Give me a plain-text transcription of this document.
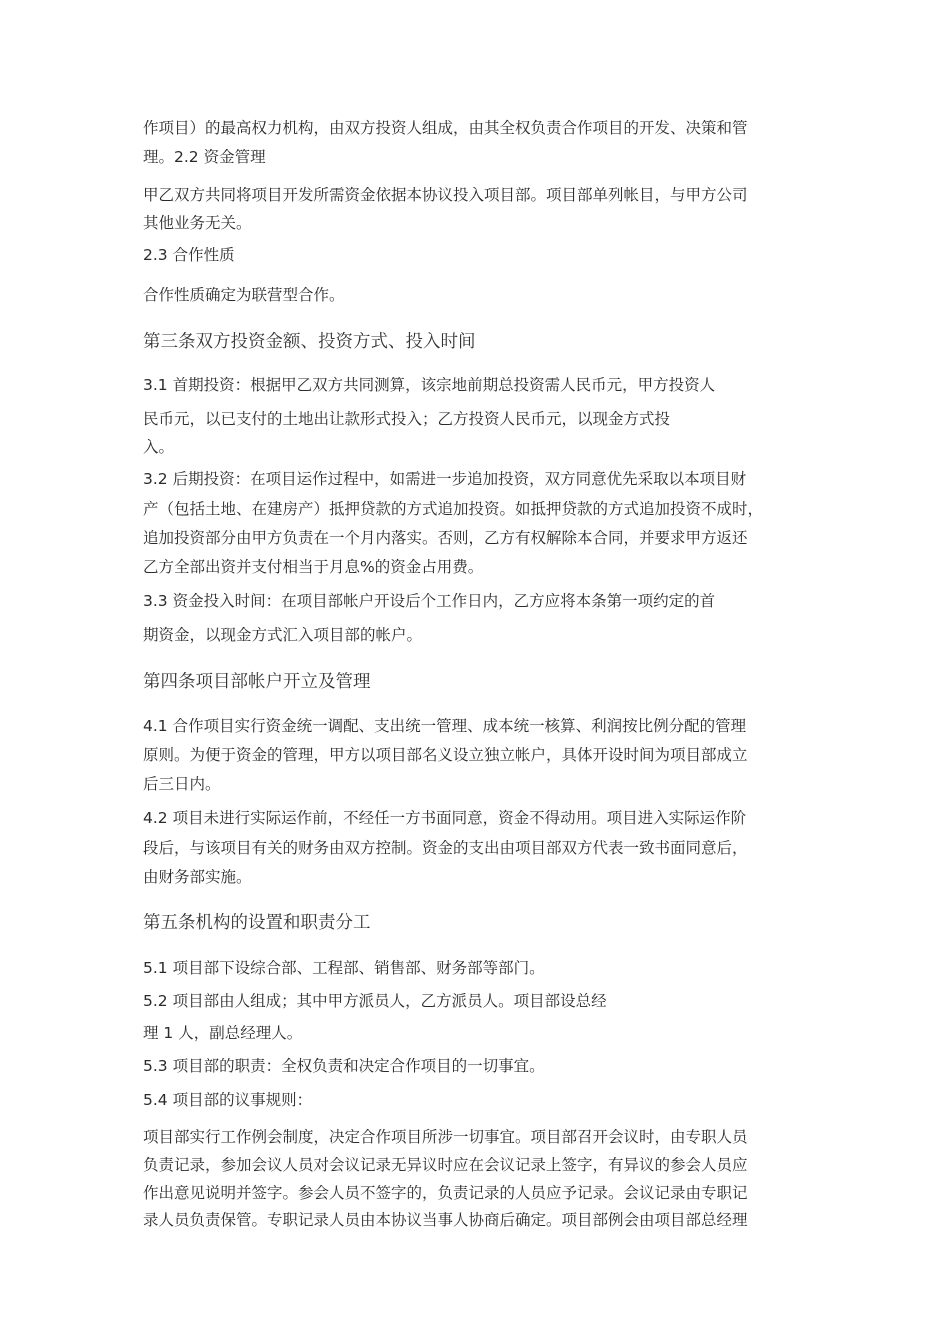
作项目）的最高权力机构，由双方投资人组成，由其全权负责合作项目的开发、决策和管
理。2.2 资金管理
甲乙双方共同将项目开发所需资金依据本协议投入项目部。项目部单列帐目，与甲方公司
其他业务无关。
2.3 合作性质
合作性质确定为联营型合作。
第三条双方投资金额、投资方式、投入时间
3.1 首期投资：根据甲乙双方共同测算，该宗地前期总投资需人民币元，甲方投资人
民币元，以已支付的土地出让款形式投入；乙方投资人民币元，以现金方式投
入。
3.2 后期投资：在项目运作过程中，如需进一步追加投资，双方同意优先采取以本项目财
产（包括土地、在建房产）抵押贷款的方式追加投资。如抵押贷款的方式追加投资不成时，
追加投资部分由甲方负责在一个月内落实。否则，乙方有权解除本合同，并要求甲方返还
乙方全部出资并支付相当于月息%的资金占用费。
3.3 资金投入时间：在项目部帐户开设后个工作日内，乙方应将本条第一项约定的首
期资金，以现金方式汇入项目部的帐户。
第四条项目部帐户开立及管理
4.1 合作项目实行资金统一调配、支出统一管理、成本统一核算、利润按比例分配的管理
原则。为便于资金的管理，甲方以项目部名义设立独立帐户，具体开设时间为项目部成立
后三日内。
4.2 项目未进行实际运作前，不经任一方书面同意，资金不得动用。项目进入实际运作阶
段后，与该项目有关的财务由双方控制。资金的支出由项目部双方代表一致书面同意后，
由财务部实施。
第五条机构的设置和职责分工
5.1 项目部下设综合部、工程部、销售部、财务部等部门。
5.2 项目部由人组成；其中甲方派员人，乙方派员人。项目部设总经
理 1 人，副总经理人。
5.3 项目部的职责：全权负责和决定合作项目的一切事宜。
5.4 项目部的议事规则：
项目部实行工作例会制度，决定合作项目所涉一切事宜。项目部召开会议时，由专职人员
负责记录，参加会议人员对会议记录无异议时应在会议记录上签字，有异议的参会人员应
作出意见说明并签字。参会人员不签字的，负责记录的人员应予记录。会议记录由专职记
录人员负责保管。专职记录人员由本协议当事人协商后确定。项目部例会由项目部总经理
